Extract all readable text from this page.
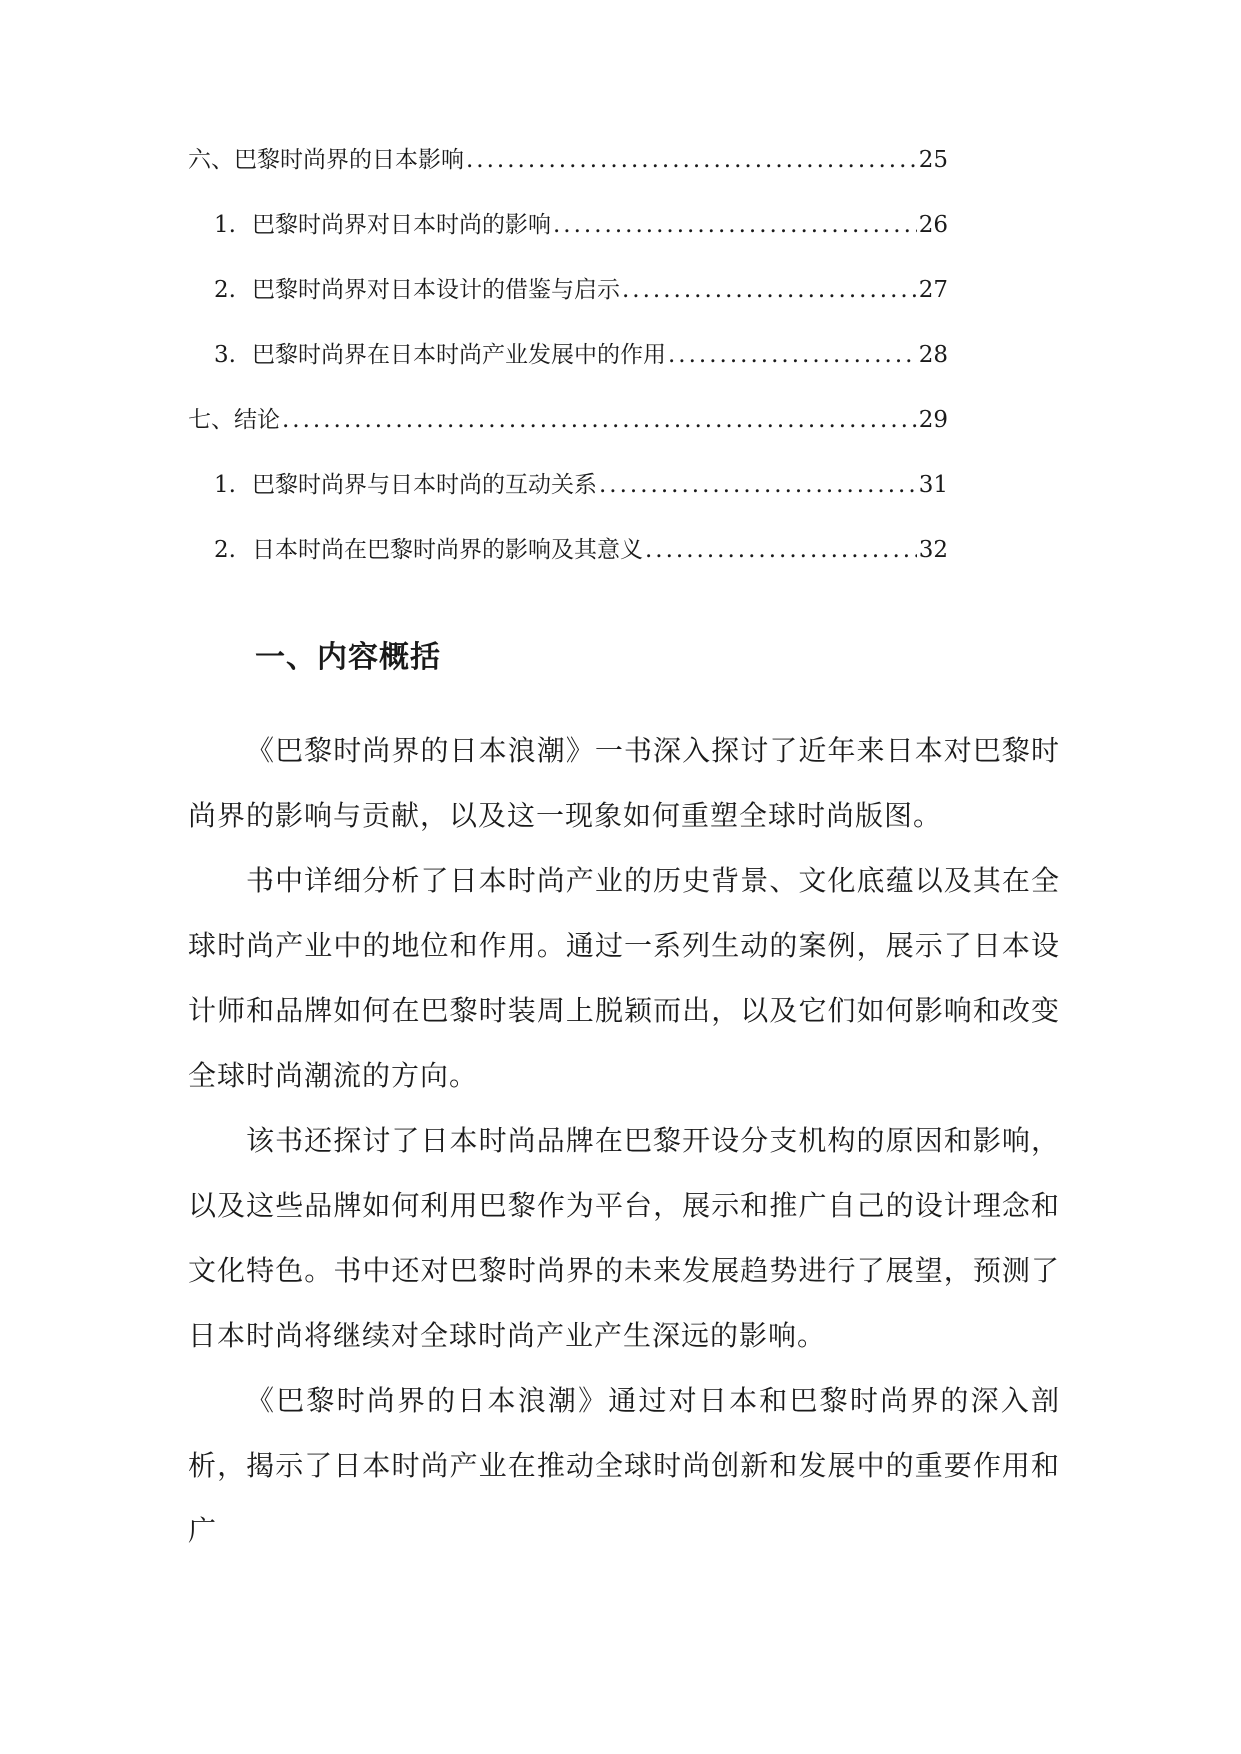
六、巴黎时尚界的日本影响 .....	25
1. 巴黎时尚界对日本时尚的影响 .....	26
2. 巴黎时尚界对日本设计的借鉴与启示 .....	27
3. 巴黎时尚界在日本时尚产业发展中的作用 .....	28
七、结论 .....	29
1. 巴黎时尚界与日本时尚的互动关系 .....	31
2. 日本时尚在巴黎时尚界的影响及其意义 .....	32
一、内容概括

《巴黎时尚界的日本浪潮》一书深入探讨了近年来日本对巴黎时尚界的影响与贡献，以及这一现象如何重塑全球时尚版图。

书中详细分析了日本时尚产业的历史背景、文化底蕴以及其在全球时尚产业中的地位和作用。通过一系列生动的案例，展示了日本设计师和品牌如何在巴黎时装周上脱颖而出，以及它们如何影响和改变全球时尚潮流的方向。

该书还探讨了日本时尚品牌在巴黎开设分支机构的原因和影响，以及这些品牌如何利用巴黎作为平台，展示和推广自己的设计理念和文化特色。书中还对巴黎时尚界的未来发展趋势进行了展望，预测了日本时尚将继续对全球时尚产业产生深远的影响。

《巴黎时尚界的日本浪潮》通过对日本和巴黎时尚界的深入剖析，揭示了日本时尚产业在推动全球时尚创新和发展中的重要作用和广
